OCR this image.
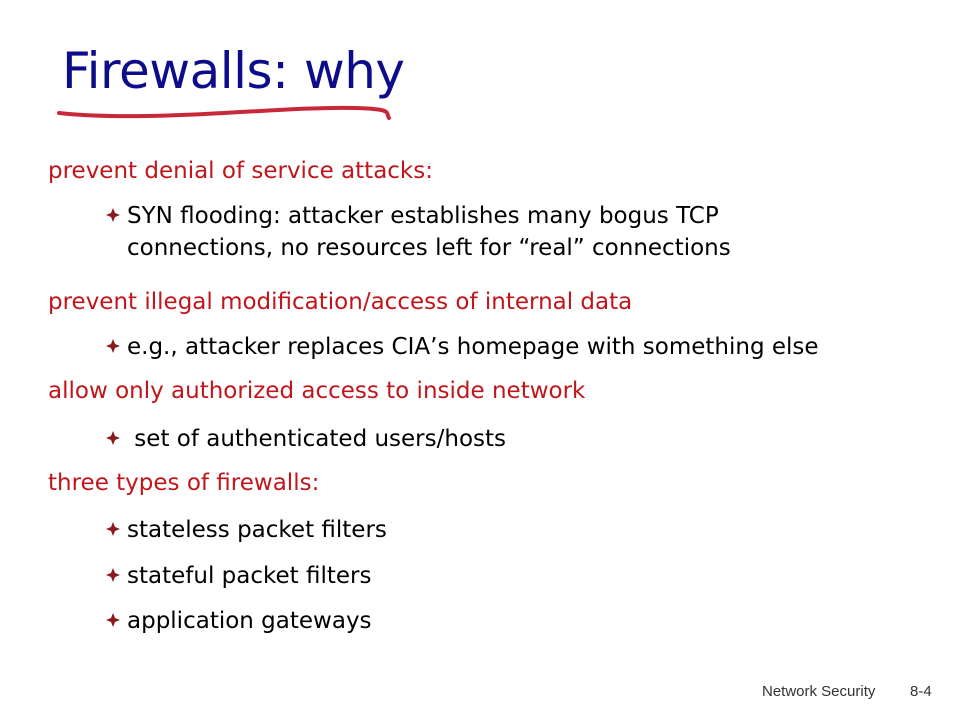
Firewalls: why

prevent denial of service attacks:

SYN flooding: attacker establishes many bogus TCP
connections, no resources left for “real” connections

prevent illegal modification/access of internal data

e.g., attacker replaces CIA’s homepage with something else

allow only authorized access to inside network

set of authenticated users/hosts

three types of firewalls:

stateless packet filters
stateful packet filters
application gateways
Network Security 8-4
